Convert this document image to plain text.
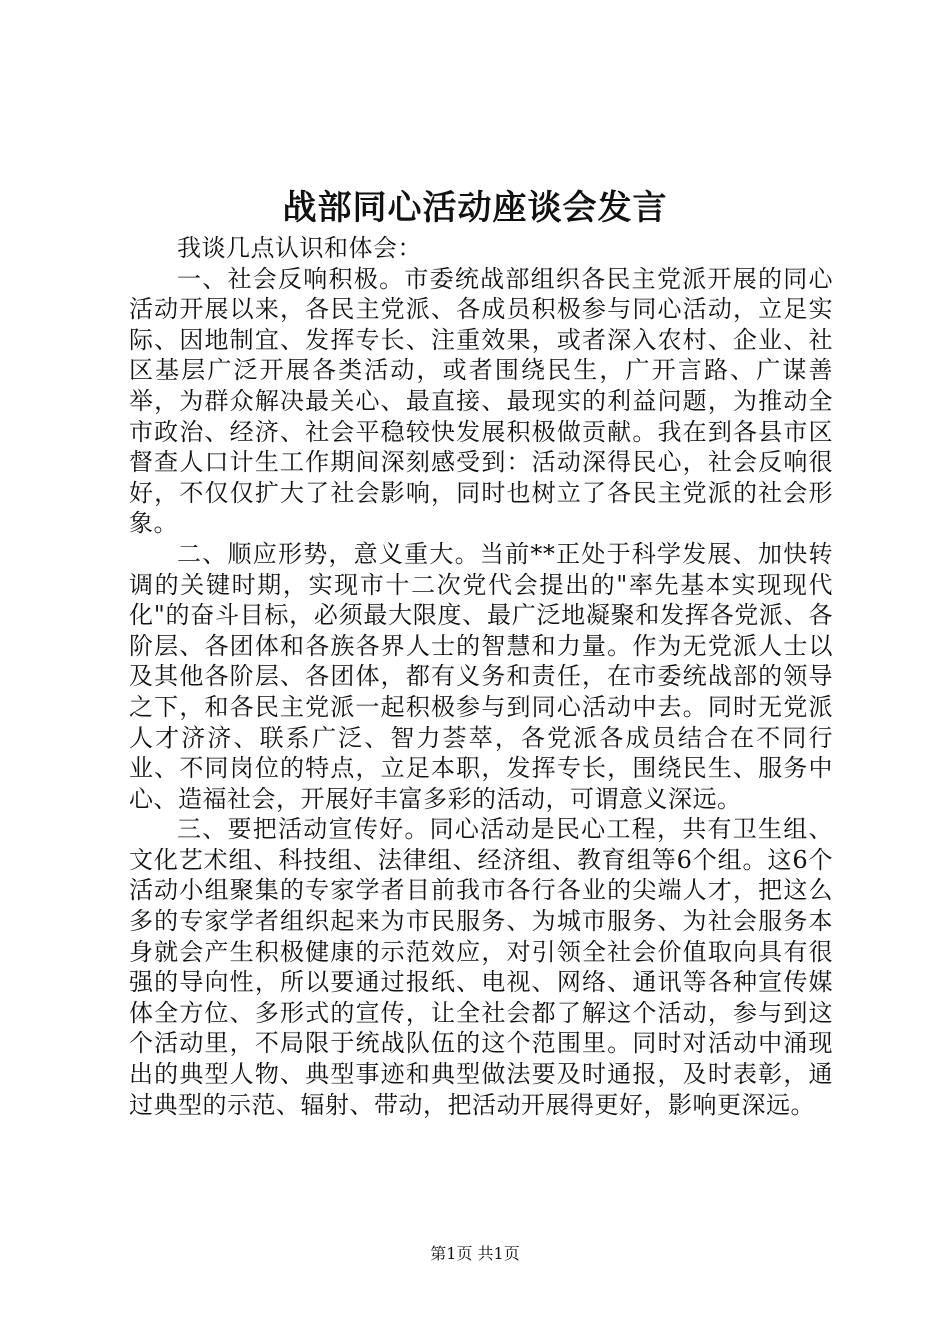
战部同心活动座谈会发言

我谈几点认识和体会：

一、社会反响积极。市委统战部组织各民主党派开展的同心活动开展以来，各民主党派、各成员积极参与同心活动，立足实际、因地制宜、发挥专长、注重效果，或者深入农村、企业、社区基层广泛开展各类活动，或者围绕民生，广开言路、广谋善举，为群众解决最关心、最直接、最现实的利益问题，为推动全市政治、经济、社会平稳较快发展积极做贡献。我在到各县市区督查人口计生工作期间深刻感受到：活动深得民心，社会反响很好，不仅仅扩大了社会影响，同时也树立了各民主党派的社会形象。

二、顺应形势，意义重大。当前**正处于科学发展、加快转调的关键时期，实现市十二次党代会提出的"率先基本实现现代化"的奋斗目标，必须最大限度、最广泛地凝聚和发挥各党派、各阶层、各团体和各族各界人士的智慧和力量。作为无党派人士以及其他各阶层、各团体，都有义务和责任，在市委统战部的领导之下，和各民主党派一起积极参与到同心活动中去。同时无党派人才济济、联系广泛、智力荟萃，各党派各成员结合在不同行业、不同岗位的特点，立足本职，发挥专长，围绕民生、服务中心、造福社会，开展好丰富多彩的活动，可谓意义深远。

三、要把活动宣传好。同心活动是民心工程，共有卫生组、文化艺术组、科技组、法律组、经济组、教育组等6个组。这6个活动小组聚集的专家学者目前我市各行各业的尖端人才，把这么多的专家学者组织起来为市民服务、为城市服务、为社会服务本身就会产生积极健康的示范效应，对引领全社会价值取向具有很强的导向性，所以要通过报纸、电视、网络、通讯等各种宣传媒体全方位、多形式的宣传，让全社会都了解这个活动，参与到这个活动里，不局限于统战队伍的这个范围里。同时对活动中涌现出的典型人物、典型事迹和典型做法要及时通报，及时表彰，通过典型的示范、辐射、带动，把活动开展得更好，影响更深远。

第1页 共1页
